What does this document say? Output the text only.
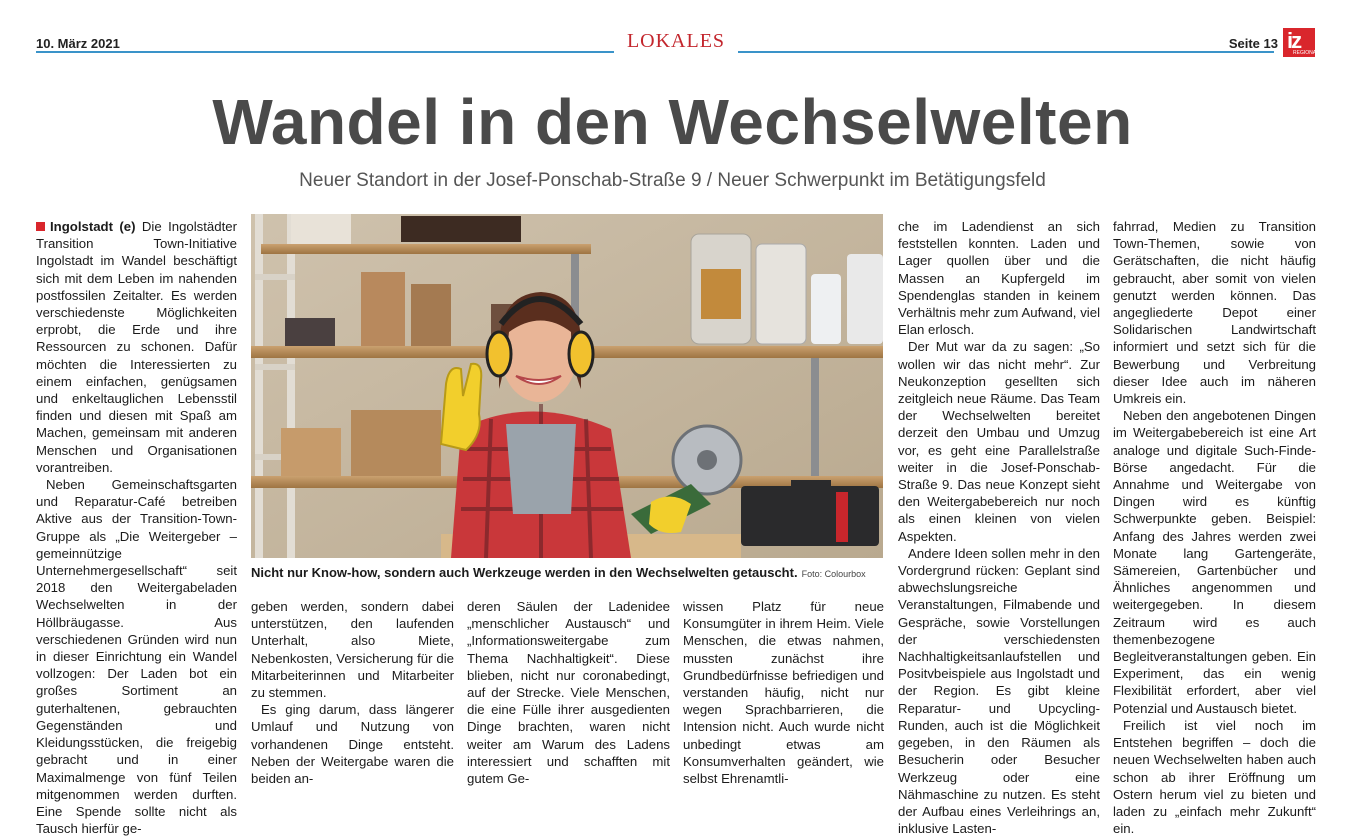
10. März 2021	LOKALES	Seite 13 iz
REGIONAL
Wandel in den Wechselwelten
Neuer Standort in der Josef-Ponschab-Straße 9 / Neuer Schwerpunkt im Betätigungsfeld

Ingolstadt (e) Die Ingolstädter Transition Town-Initiative Ingolstadt im Wandel beschäftigt sich mit dem Leben im nahenden postfossilen Zeitalter. Es werden verschiedenste Möglichkeiten erprobt, die Erde und ihre Ressourcen zu schonen. Dafür möchten die Interessierten zu einem einfachen, genügsamen und enkeltauglichen Lebensstil finden und diesen mit Spaß am Machen, gemeinsam mit anderen Menschen und Organisationen vorantreiben.

Neben Gemeinschaftsgarten und Reparatur-Café betreiben Aktive aus der Transition-Town-Gruppe als „Die Weitergeber – gemeinnützige Unternehmergesellschaft“ seit 2018 den Weitergabeladen Wechselwelten in der Höllbräugasse. Aus verschiedenen Gründen wird nun in dieser Einrichtung ein Wandel vollzogen: Der Laden bot ein großes Sortiment an guterhaltenen, gebrauchten Gegenständen und Kleidungsstücken, die freigebig gebracht und in einer Maximalmenge von fünf Teilen mitgenommen werden durften. Eine Spende sollte nicht als Tausch hierfür ge-

Nicht nur Know-how, sondern auch Werkzeuge werden in den Wechselwelten getauscht. Foto: Colourbox

geben werden, sondern dabei unterstützen, den laufenden Unterhalt, also Miete, Nebenkosten, Versicherung für die Mitarbeiterinnen und Mitarbeiter zu stemmen.

Es ging darum, dass längerer Umlauf und Nutzung von vorhandenen Dinge entsteht. Neben der Weitergabe waren die beiden an-

deren Säulen der Ladenidee „menschlicher Austausch“ und „Informationsweitergabe zum Thema Nachhaltigkeit“. Diese blieben, nicht nur coronabedingt, auf der Strecke. Viele Menschen, die eine Fülle ihrer ausgedienten Dinge brachten, waren nicht weiter am Warum des Ladens interessiert und schafften mit gutem Ge-

wissen Platz für neue Konsumgüter in ihrem Heim. Viele Menschen, die etwas nahmen, mussten zunächst ihre Grundbedürfnisse befriedigen und verstanden häufig, nicht nur wegen Sprachbarrieren, die Intension nicht. Auch wurde nicht unbedingt etwas am Konsumverhalten geändert, wie selbst Ehrenamtli-

che im Ladendienst an sich feststellen konnten. Laden und Lager quollen über und die Massen an Kupfergeld im Spendenglas standen in keinem Verhältnis mehr zum Aufwand, viel Elan erlosch.

Der Mut war da zu sagen: „So wollen wir das nicht mehr“. Zur Neukonzeption gesellten sich zeitgleich neue Räume. Das Team der Wechselwelten bereitet derzeit den Umbau und Umzug vor, es geht eine Parallelstraße weiter in die Josef-Ponschab-Straße 9. Das neue Konzept sieht den Weitergabebereich nur noch als einen kleinen von vielen Aspekten.

Andere Ideen sollen mehr in den Vordergrund rücken: Geplant sind abwechslungsreiche Veranstaltungen, Filmabende und Gespräche, sowie Vorstellungen der verschiedensten Nachhaltigkeitsanlaufstellen und Positvbeispiele aus Ingolstadt und der Region. Es gibt kleine Reparatur- und Upcycling-Runden, auch ist die Möglichkeit gegeben, in den Räumen als Besucherin oder Besucher Werkzeug oder eine Nähmaschine zu nutzen. Es steht der Aufbau eines Verleihrings an, inklusive Lasten-

fahrrad, Medien zu Transition Town-Themen, sowie von Gerätschaften, die nicht häufig gebraucht, aber somit von vielen genutzt werden können. Das angegliederte Depot einer Solidarischen Landwirtschaft informiert und setzt sich für die Bewerbung und Verbreitung dieser Idee auch im näheren Umkreis ein.

Neben den angebotenen Dingen im Weitergabebereich ist eine Art analoge und digitale Such-Finde-Börse angedacht. Für die Annahme und Weitergabe von Dingen wird es künftig Schwerpunkte geben. Beispiel: Anfang des Jahres werden zwei Monate lang Gartengeräte, Sämereien, Gartenbücher und Ähnliches angenommen und weitergegeben. In diesem Zeitraum wird es auch themenbezogene Begleitveranstaltungen geben. Ein Experiment, das ein wenig Flexibilität erfordert, aber viel Potenzial und Austausch bietet.

Freilich ist viel noch im Entstehen begriffen – doch die neuen Wechselwelten haben auch schon ab ihrer Eröffnung um Ostern herum viel zu bieten und laden zu „einfach mehr Zukunft“ ein.
